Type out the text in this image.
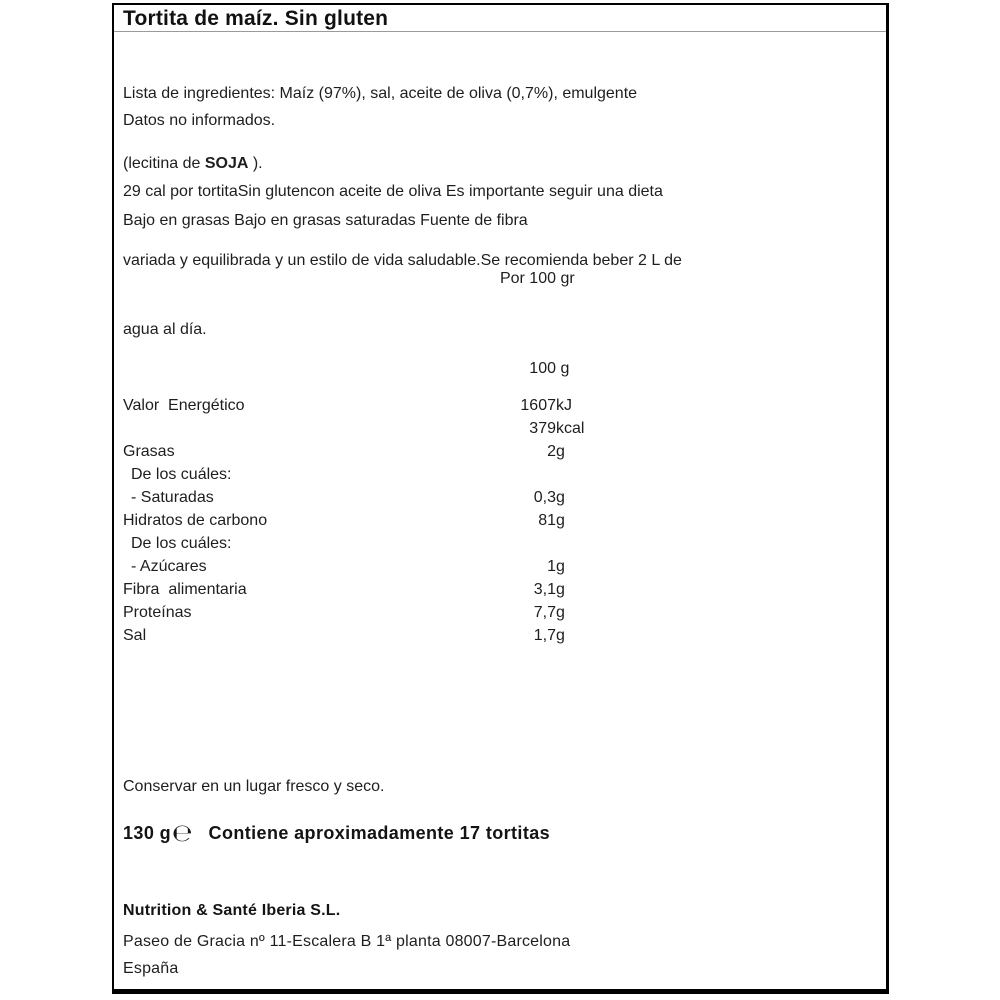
Tortita de maíz. Sin gluten

Lista de ingredientes: Maíz (97%), sal, aceite de oliva (0,7%), emulgente

(lecitina de SOJA ).

Datos no informados.

29 cal por tortitaSin glutencon aceite de oliva Es importante seguir una dieta

variada y equilibrada y un estilo de vida saludable.Se recomienda beber 2 L de

agua al día.

Bajo en grasas Bajo en grasas saturadas Fuente de fibra
Por 100 gr
100 g
Valor  Energético	1607 kJ
379 kcal
Grasas	2 g
De los cuáles:
- Saturadas	0,3 g
Hidratos de carbono	81 g
De los cuáles:
- Azúcares	1 g
Fibra  alimentaria	3,1 g
Proteínas	7,7 g
Sal	1,7 g
Conservar en un lugar fresco y seco.
130 g℮ Contiene aproximadamente 17 tortitas
Nutrition & Santé Iberia S.L.
Paseo de Gracia nº 11-Escalera B 1ª planta 08007-Barcelona
España
